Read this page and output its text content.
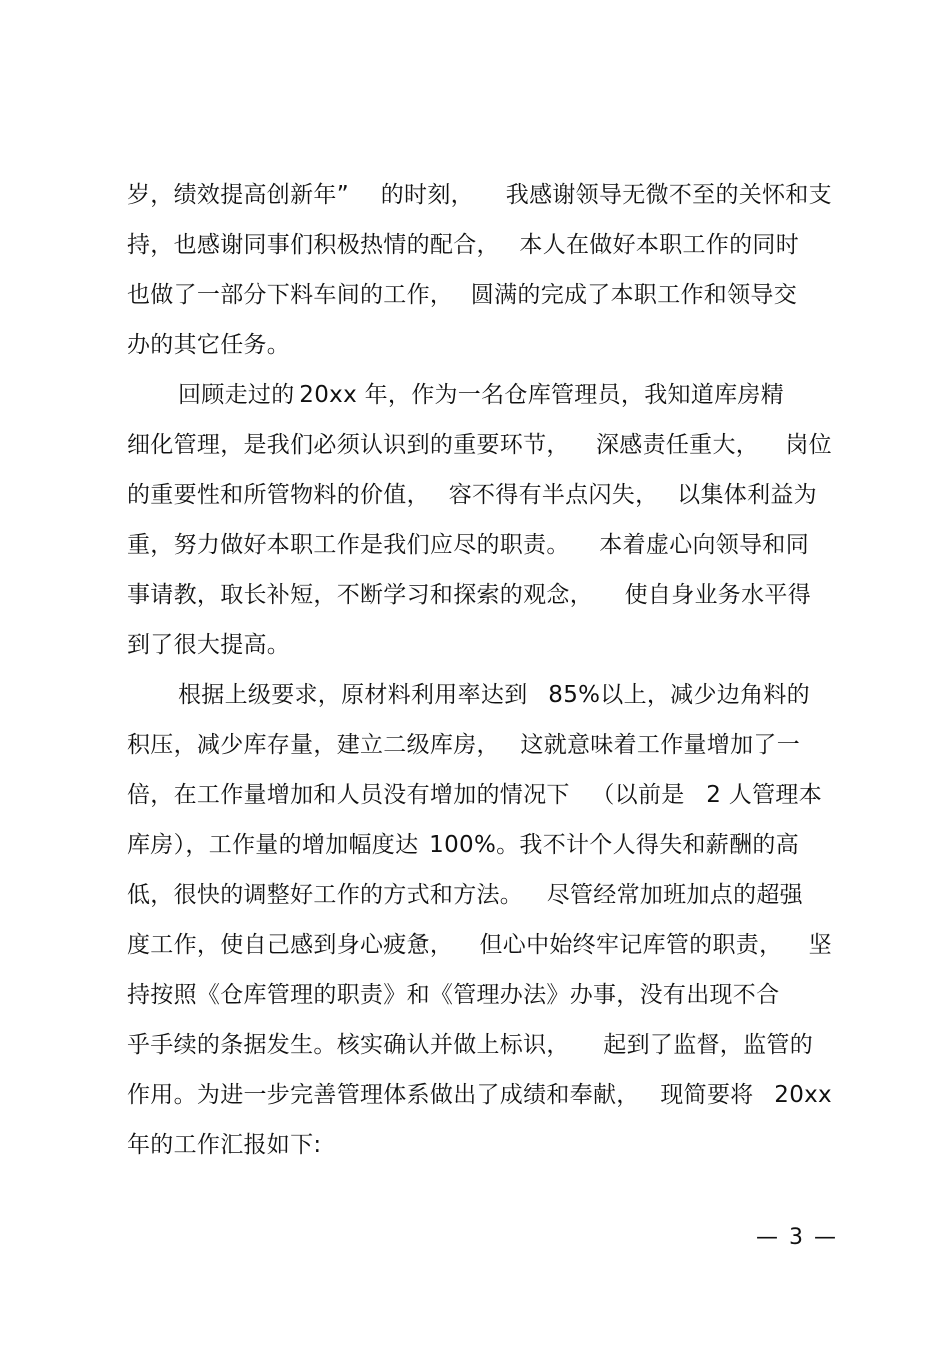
岁，绩效提高创新年” 的时刻， 我感谢领导无微不至的关怀和支
持，也感谢同事们积极热情的配合， 本人在做好本职工作的同时
也做了一部分下料车间的工作， 圆满的完成了本职工作和领导交
办的其它任务。
回顾走过的 20xx 年，作为一名仓库管理员，我知道库房精
细化管理，是我们必须认识到的重要环节， 深感责任重大， 岗位
的重要性和所管物料的价值， 容不得有半点闪失， 以集体利益为
重，努力做好本职工作是我们应尽的职责。 本着虚心向领导和同
事请教，取长补短，不断学习和探索的观念， 使自身业务水平得
到了很大提高。
根据上级要求，原材料利用率达到 85%以上，减少边角料的
积压，减少库存量，建立二级库房， 这就意味着工作量增加了一
倍，在工作量增加和人员没有增加的情况下 （以前是 2 人管理本
库房），工作量的增加幅度达 100%。我不计个人得失和薪酬的高
低，很快的调整好工作的方式和方法。 尽管经常加班加点的超强
度工作，使自己感到身心疲惫， 但心中始终牢记库管的职责， 坚
持按照《仓库管理的职责》和《管理办法》办事，没有出现不合
乎手续的条据发生。核实确认并做上标识， 起到了监督，监管的
作用。为进一步完善管理体系做出了成绩和奉献， 现简要将 20xx
年的工作汇报如下:
— 3 —
